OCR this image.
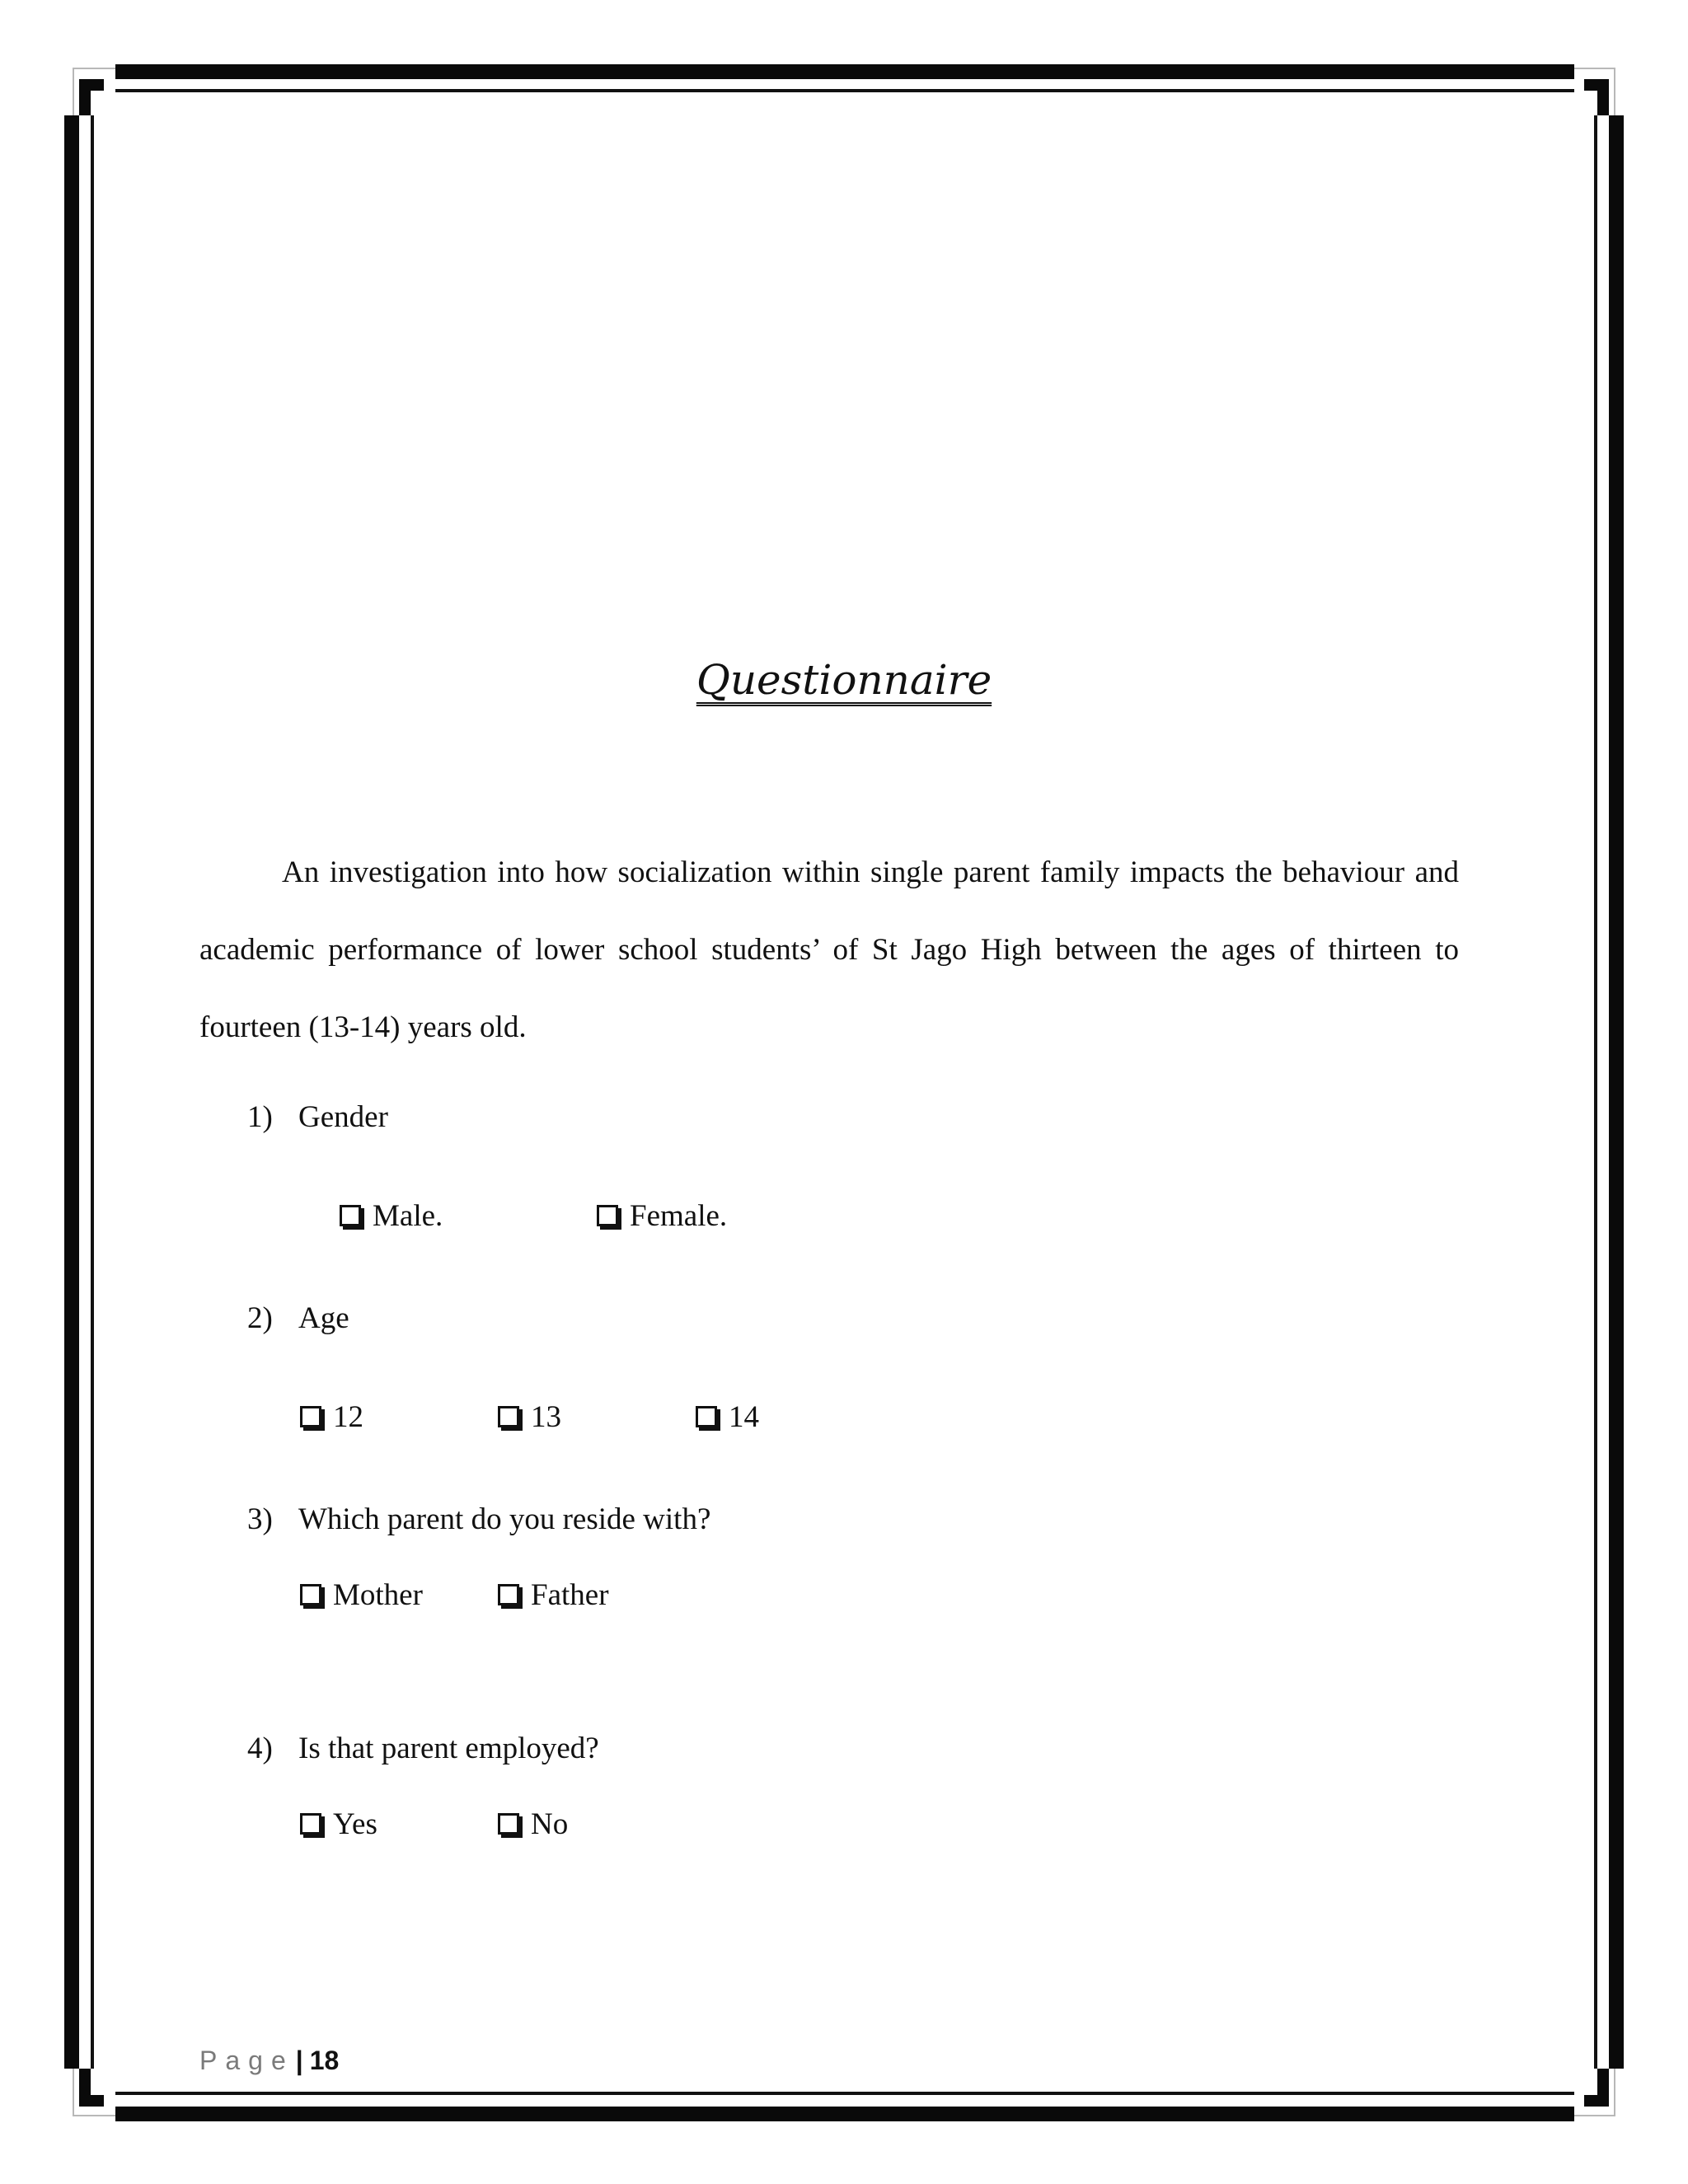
Questionnaire
An investigation into how socialization within single parent family impacts the behaviour and academic performance of lower school students’ of St Jago High between the ages of thirteen to fourteen (13-14) years old.
1) Gender
Male.	Female.
2) Age
12	13	14
3) Which parent do you reside with?
Mother	Father
4) Is that parent employed?
Yes	No
Page| 18
